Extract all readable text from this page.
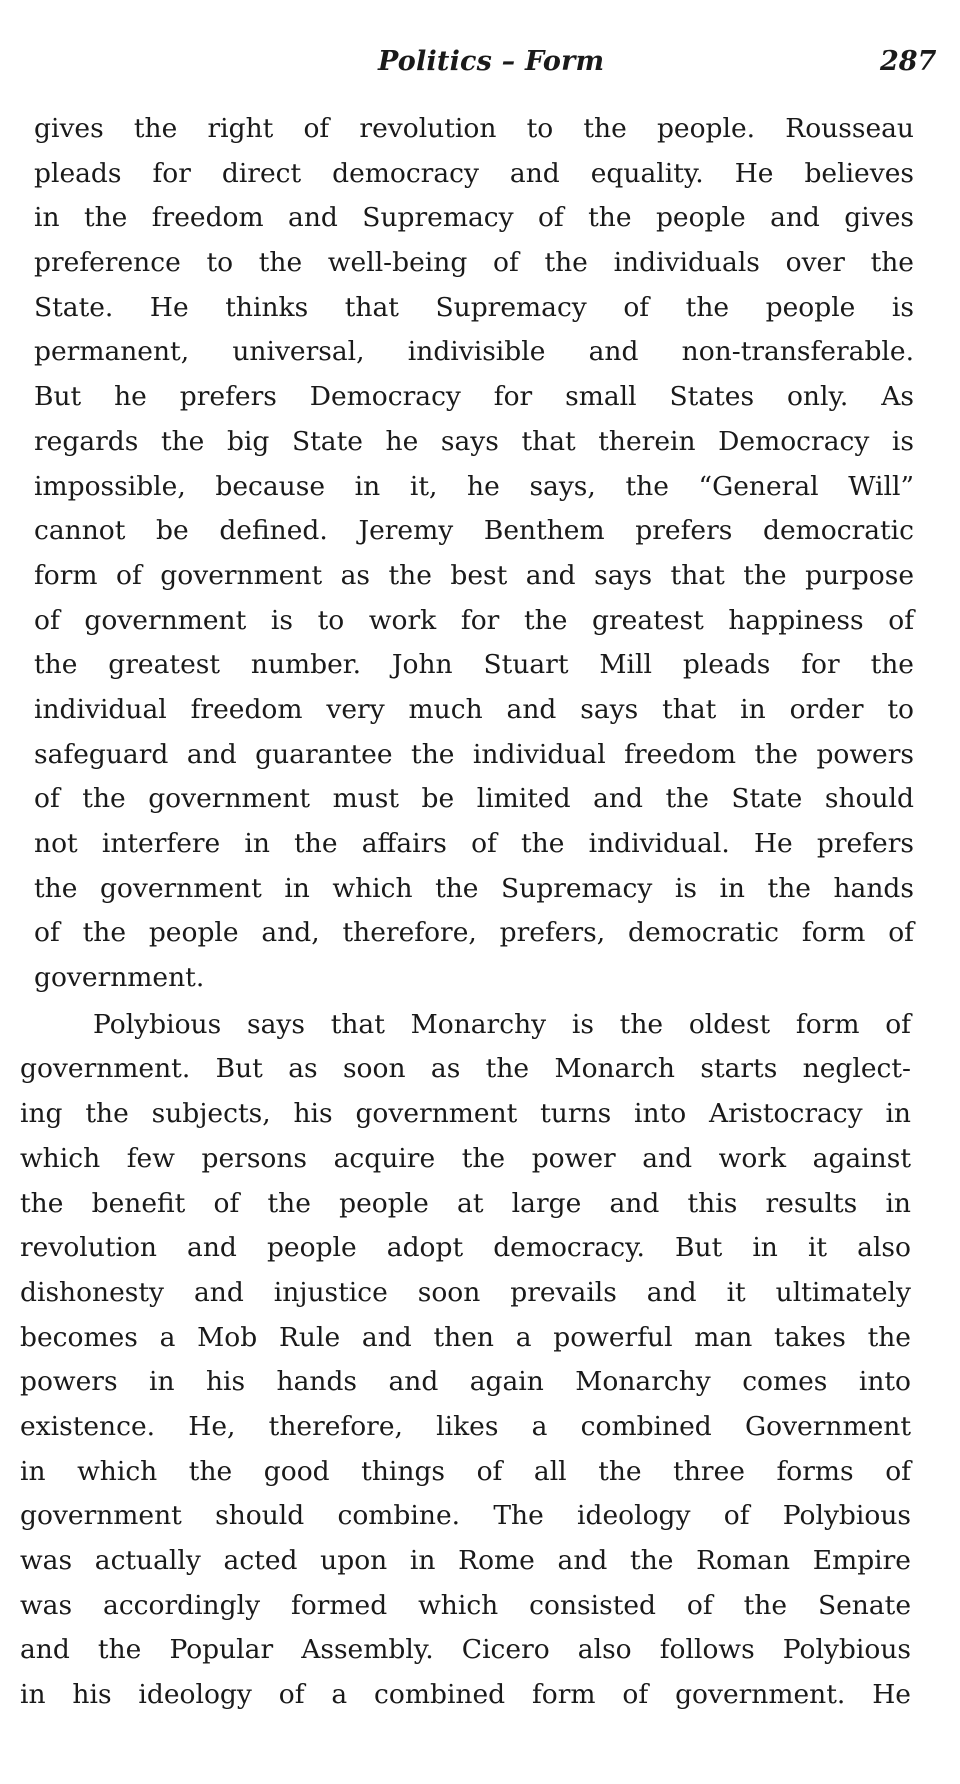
Politics – Form	287
gives the right of revolution to the people. Rousseau
pleads for direct democracy and equality. He believes
in the freedom and Supremacy of the people and gives
preference to the well-being of the individuals over the
State. He thinks that Supremacy of the people is
permanent, universal, indivisible and non-transferable.
But he prefers Democracy for small States only. As
regards the big State he says that therein Democracy is
impossible, because in it, he says, the “General Will”
cannot be defined. Jeremy Benthem prefers democratic
form of government as the best and says that the purpose
of government is to work for the greatest happiness of
the greatest number. John Stuart Mill pleads for the
individual freedom very much and says that in order to
safeguard and guarantee the individual freedom the powers
of the government must be limited and the State should
not interfere in the affairs of the individual. He prefers
the government in which the Supremacy is in the hands
of the people and, therefore, prefers, democratic form of
government.
Polybious says that Monarchy is the oldest form of
government. But as soon as the Monarch starts neglect-
ing the subjects, his government turns into Aristocracy in
which few persons acquire the power and work against
the benefit of the people at large and this results in
revolution and people adopt democracy. But in it also
dishonesty and injustice soon prevails and it ultimately
becomes a Mob Rule and then a powerful man takes the
powers in his hands and again Monarchy comes into
existence. He, therefore, likes a combined Government
in which the good things of all the three forms of
government should combine. The ideology of Polybious
was actually acted upon in Rome and the Roman Empire
was accordingly formed which consisted of the Senate
and the Popular Assembly. Cicero also follows Polybious
in his ideology of a combined form of government. He
